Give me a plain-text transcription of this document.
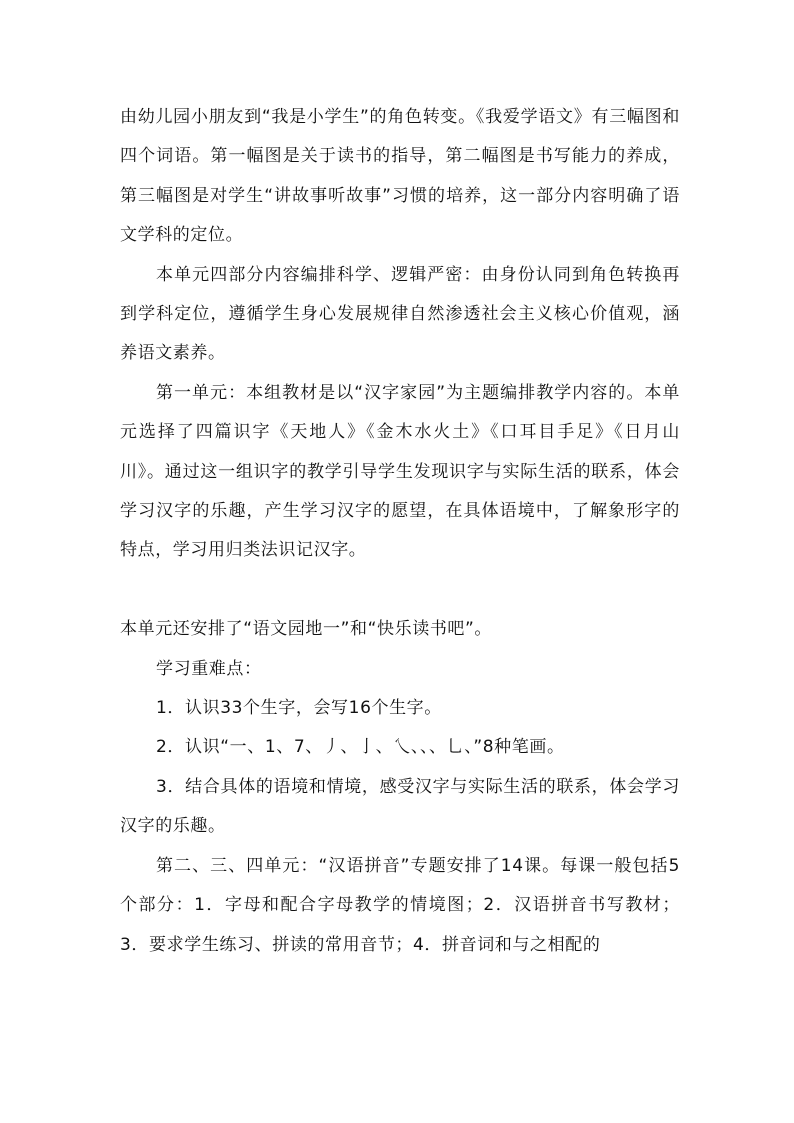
由幼儿园小朋友到“我是小学生”的角色转变。《我爱学语文》有三幅图和四个词语。第一幅图是关于读书的指导，第二幅图是书写能力的养成，第三幅图是对学生“讲故事听故事”习惯的培养，这一部分内容明确了语文学科的定位。

本单元四部分内容编排科学、逻辑严密：由身份认同到角色转换再到学科定位，遵循学生身心发展规律自然渗透社会主义核心价值观，涵养语文素养。

第一单元：本组教材是以“汉字家园”为主题编排教学内容的。本单元选择了四篇识字《天地人》《金木水火土》《口耳目手足》《日月山川》。通过这一组识字的教学引导学生发现识字与实际生活的联系，体会学习汉字的乐趣，产生学习汉字的愿望，在具体语境中，了解象形字的特点，学习用归类法识记汉字。

本单元还安排了“语文园地一”和“快乐读书吧”。

学习重难点：

1．认识33个生字，会写16个生字。

2．认识“一、1、7、丿、亅、乀、、、乚、”8种笔画。

3．结合具体的语境和情境，感受汉字与实际生活的联系，体会学习汉字的乐趣。

第二、三、四单元：“汉语拼音”专题安排了14课。每课一般包括5个部分：1．字母和配合字母教学的情境图；2．汉语拼音书写教材；3．要求学生练习、拼读的常用音节；4．拼音词和与之相配的
